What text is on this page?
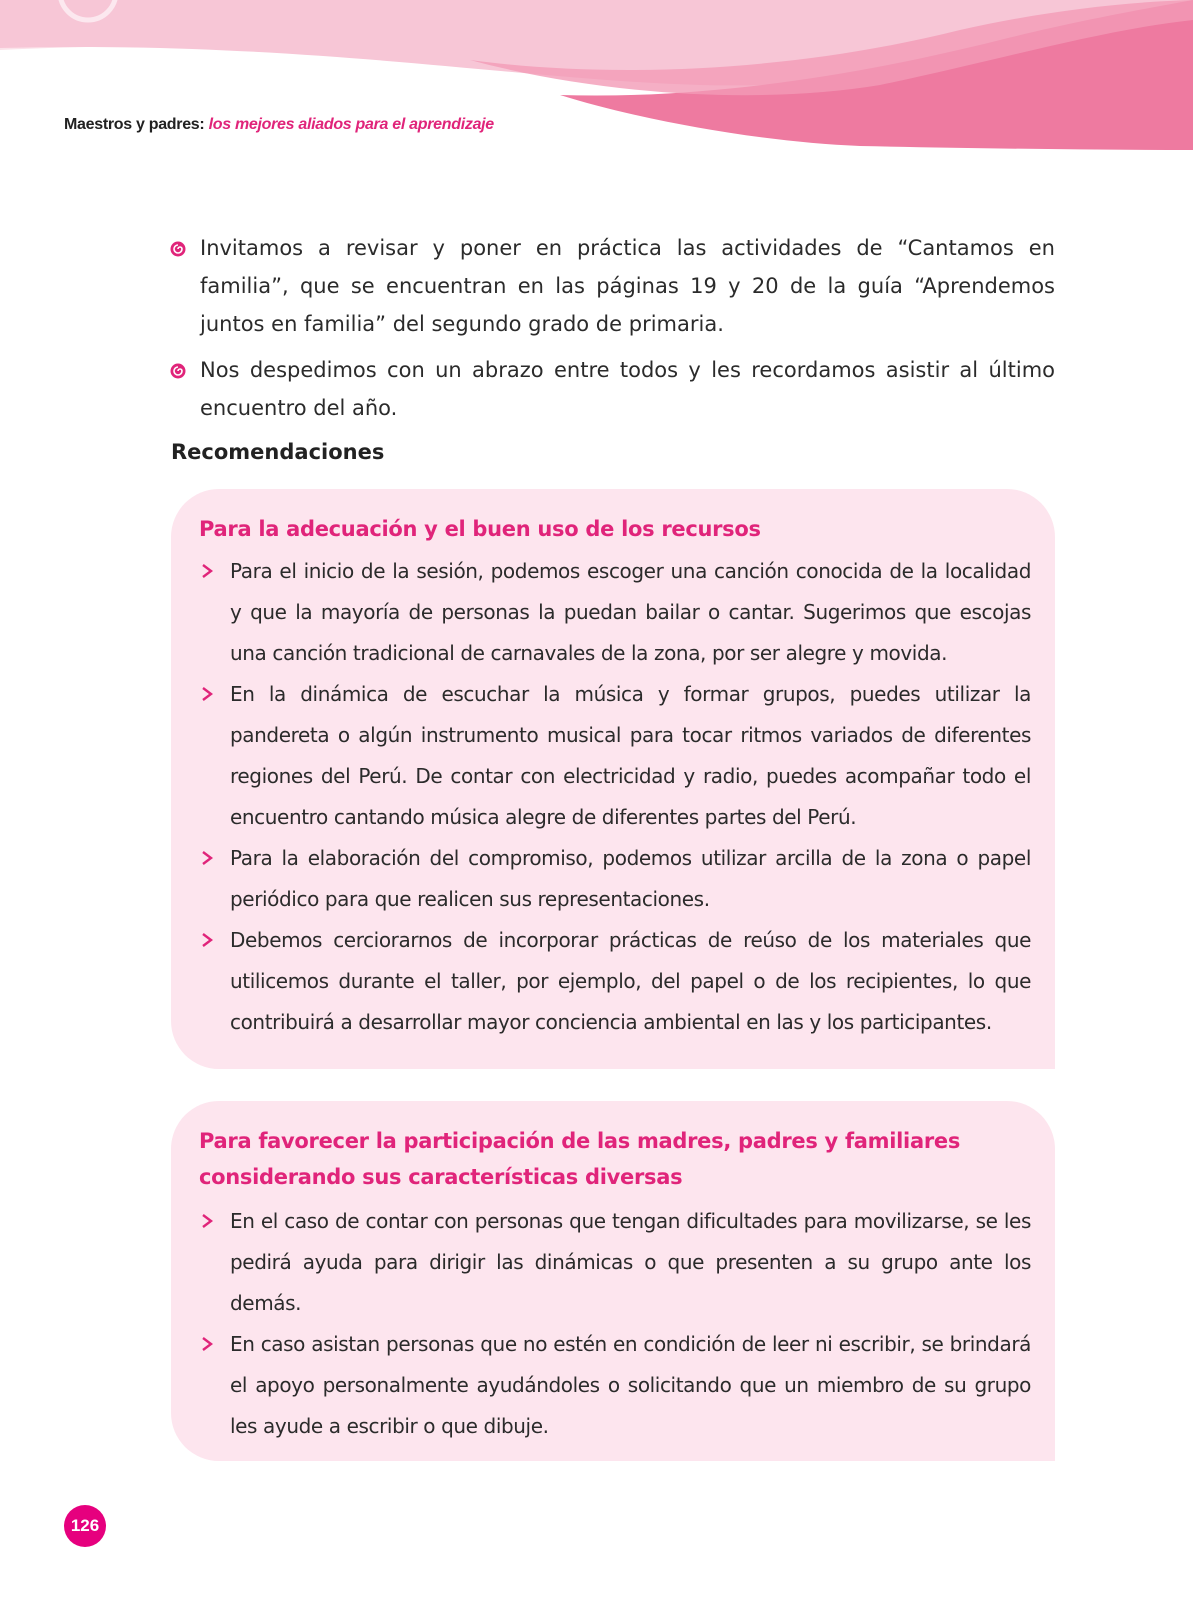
Maestros y padres: los mejores aliados para el aprendizaje
Invitamos a revisar y poner en práctica las actividades de “Cantamos en familia”, que se encuentran en las páginas 19 y 20 de la guía “Aprendemos juntos en familia” del segundo grado de primaria.
Nos despedimos con un abrazo entre todos y les recordamos asistir al último encuentro del año.
Recomendaciones
Para la adecuación y el buen uso de los recursos
Para el inicio de la sesión, podemos escoger una canción conocida de la localidad y que la mayoría de personas la puedan bailar o cantar. Sugerimos que escojas una canción tradicional de carnavales de la zona, por ser alegre y movida.
En la dinámica de escuchar la música y formar grupos, puedes utilizar la pandereta o algún instrumento musical para tocar ritmos variados de diferentes regiones del Perú. De contar con electricidad y radio, puedes acompañar todo el encuentro cantando música alegre de diferentes partes del Perú.
Para la elaboración del compromiso, podemos utilizar arcilla de la zona o papel periódico para que realicen sus representaciones.
Debemos cerciorarnos de incorporar prácticas de reúso de los materiales que utilicemos durante el taller, por ejemplo, del papel o de los recipientes, lo que contribuirá a desarrollar mayor conciencia ambiental en las y los participantes.
Para favorecer la participación de las madres, padres y familiares considerando sus características diversas
En el caso de contar con personas que tengan dificultades para movilizarse, se les pedirá ayuda para dirigir las dinámicas o que presenten a su grupo ante los demás.
En caso asistan personas que no estén en condición de leer ni escribir, se brindará el apoyo personalmente ayudándoles o solicitando que un miembro de su grupo les ayude a escribir o que dibuje.
126
